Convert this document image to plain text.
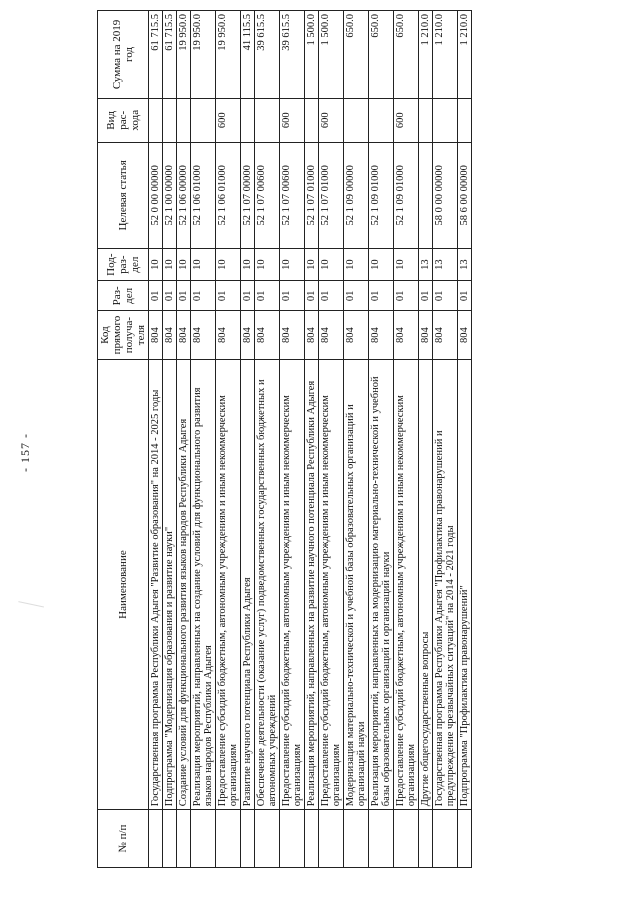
- 157 -
№ п/п	Наименование	Код прямого получа-теля	Раз-дел	Под-раз-дел	Целевая статья	Вид рас-хода	Сумма на 2019 год
	Государственная программа Республики Адыгея "Развитие образования" на 2014 - 2025 годы	804	01	10	52 0 00 00000		61 715.5
	Подпрограмма "Модернизация образования и развитие науки"	804	01	10	52 1 00 00000		61 715.5
	Создание условий для функционального развития языков народов Республики Адыгея	804	01	10	52 1 06 00000		19 950.0
	Реализация мероприятий, направленных на создание условий для функционального развития языков народов Республики Адыгея	804	01	10	52 1 06 01000		19 950.0
	Предоставление субсидий бюджетным, автономным учреждениям и иным некоммерческим организациям	804	01	10	52 1 06 01000	600	19 950.0
	Развитие научного потенциала Республики Адыгея	804	01	10	52 1 07 00000		41 115.5
	Обеспечение деятельности (оказание услуг) подведомственных государственных бюджетных и автономных учреждений	804	01	10	52 1 07 00600		39 615.5
	Предоставление субсидий бюджетным, автономным учреждениям и иным некоммерческим организациям	804	01	10	52 1 07 00600	600	39 615.5
	Реализация мероприятий, направленных на развитие научного потенциала Республики Адыгея	804	01	10	52 1 07 01000		1 500.0
	Предоставление субсидий бюджетным, автономным учреждениям и иным некоммерческим организациям	804	01	10	52 1 07 01000	600	1 500.0
	Модернизация материально-технической и учебной базы образовательных организаций и организаций науки	804	01	10	52 1 09 00000		650.0
	Реализация мероприятий, направленных на модернизацию материально-технической и учебной базы образовательных организаций и организаций науки	804	01	10	52 1 09 01000		650.0
	Предоставление субсидий бюджетным, автономным учреждениям и иным некоммерческим организациям	804	01	10	52 1 09 01000	600	650.0
	Другие общегосударственные вопросы	804	01	13			1 210.0
	Государственная программа Республики Адыгея "Профилактика правонарушений и предупреждение чрезвычайных ситуаций" на 2014 - 2021 годы	804	01	13	58 0 00 00000		1 210.0
	Подпрограмма "Профилактика правонарушений"	804	01	13	58 6 00 00000		1 210.0
